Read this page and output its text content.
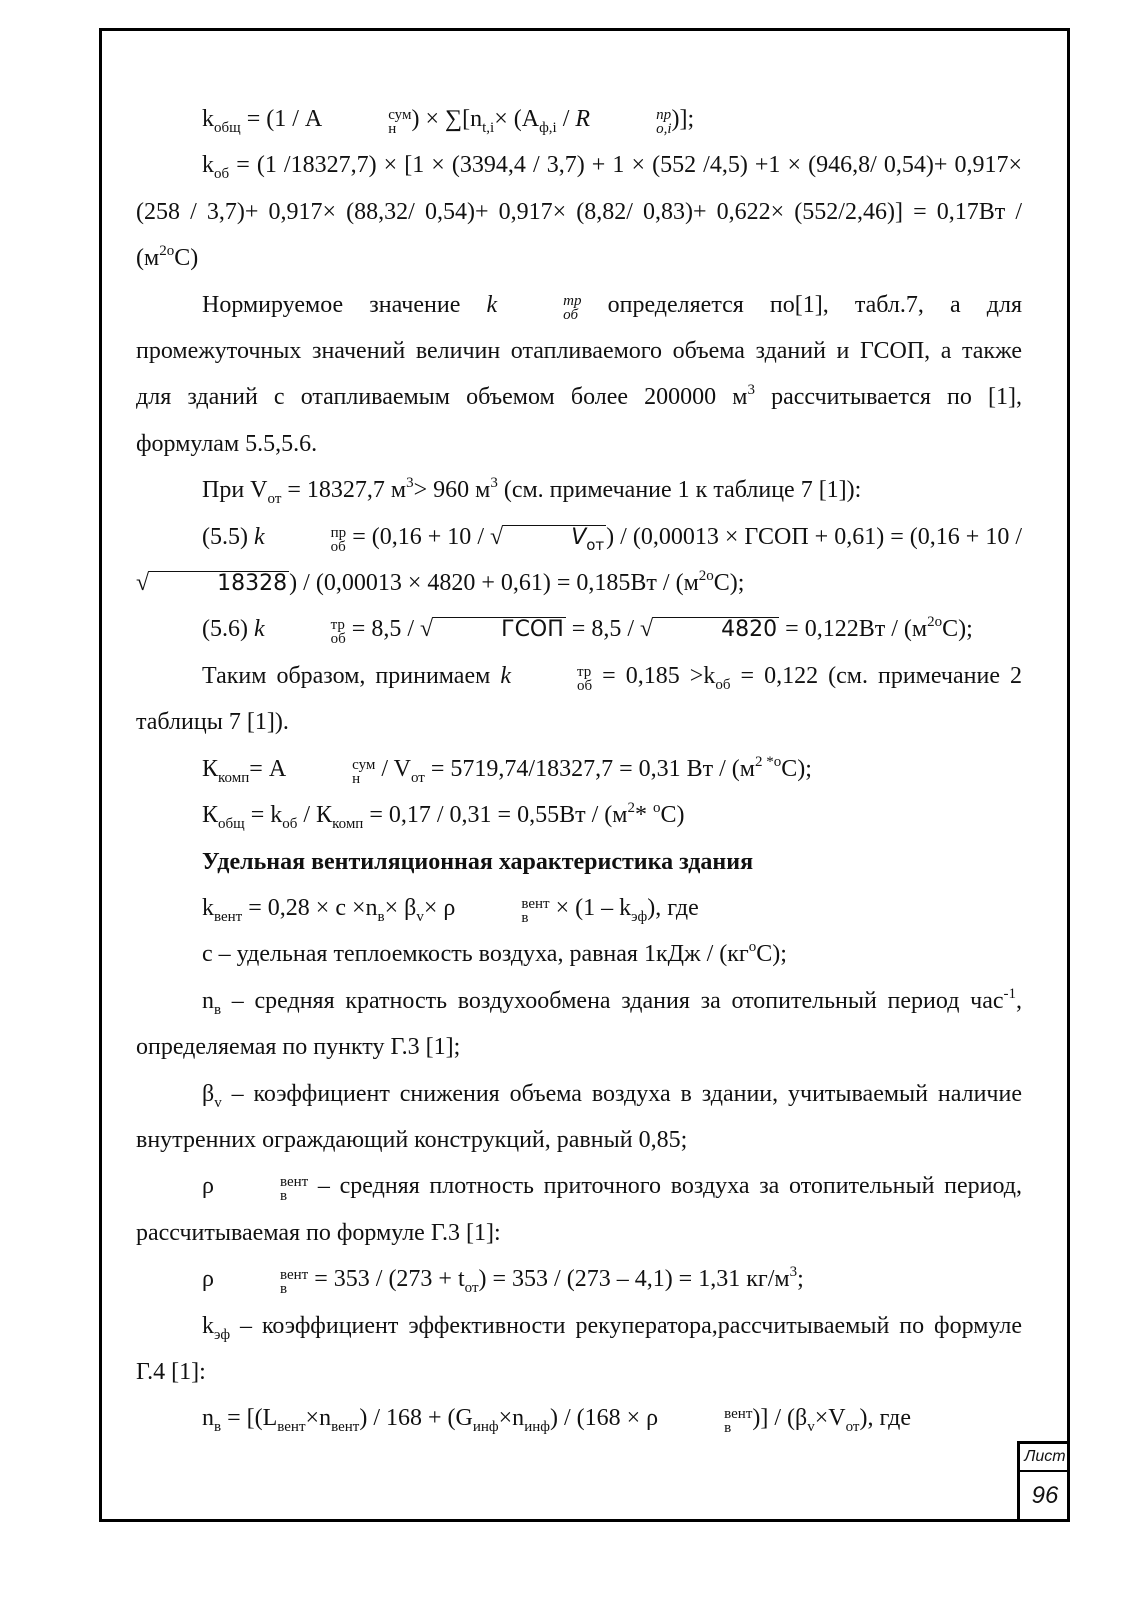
$k_{общ} = (1 / A$	сум
н ) × $\sum[n_{t,i}\times (A_{ф,i} / R$	пр
o,i )];

$k_{об} = (1$ /18327,7) × [1 × (3394,4 / 3,7) + 1 × (552 /4,5) +1 × (946,8/ 0,54)+ 0,917× (258 / 3,7)+ 0,917× (88,32/ 0,54)+ 0,917× (8,82/ $0,83)+ 0,622\times (552/2,46)] = 0,17Вт / (м^{2о}С)$

Нормируемое значение k	тр
об определяется по[1], табл.7, а для промежуточных значений величин отапливаемого объема зданий и ГСОП, а также для зданий с отапливаемым объемом более 200000 $м^3$ рассчитывается по [1], формулам 5.5,5.6.

При $V_{от} = 18327,7$ $м^3> 960$ $м^3$ (см. примечание 1 к таблице 7 [1]):

(5.5) k	пр
об = (0,16 + 10 / √	$V_{от}) / (0,00013$ × ГСОП + 0,61) = (0,16 + 10 / √	$18328) / (0,00013 \times 4820 + 0,61) = 0,185Вт / (м^{2о}С)$;

(5.6) k	тр
об = 8,5 / √	ГСОП = 8,5 / √	$4820 = 0,122Вт / (м^{2о}С)$;

Таким образом, принимаем k	тр
об = $0,185 >k_{об} = 0,122$ (см. примечание 2 таблицы 7 [1]).

$К_{комп}= A$	сум
$н / V_{от} = 5719,74/18327,7 = 0,31$ Вт / $(м^{2 *о}С)$;

$К_{общ} = k_{об} / К_{комп} = 0,17 / 0,31 = 0,55Вт / (м^2*$ $^о$С)

Удельная вентиляционная характеристика здания

$k_{вент} = 0,28 \times c \times n_в\times \beta_v\times \rho$	вент
$в \times (1 - k_{эф})$, где

c – удельная теплоемкость воздуха, равная $1кДж / (кг^оС)$;

$n_в$ – средняя кратность воздухообмена здания за отопительный период час$^{-1}$, определяемая по пункту Г.3 [1];

$\beta_v$ – коэффициент снижения объема воздуха в здании, учитываемый наличие внутренних ограждающий конструкций, равный 0,85;

ρ	вент
в – средняя плотность приточного воздуха за отопительный период, рассчитываемая по формуле Г.3 [1]:

ρ	вент
$в = 353 / (273 + t_{от}) = 353 / (273 - 4,1) = 1,31$ $кг/м^3$;

$k_{эф}$ – коэффициент эффективности рекуператора,рассчитываемый по формуле Г.4 [1]:

$n_в = [(L_{вент}\times n_{вент}) / 168 + (G_{инф}\times n_{инф}) / (168 \times \rho$	вент
в )] / $(\beta_v\times V_{от})$, где

Лист
96
